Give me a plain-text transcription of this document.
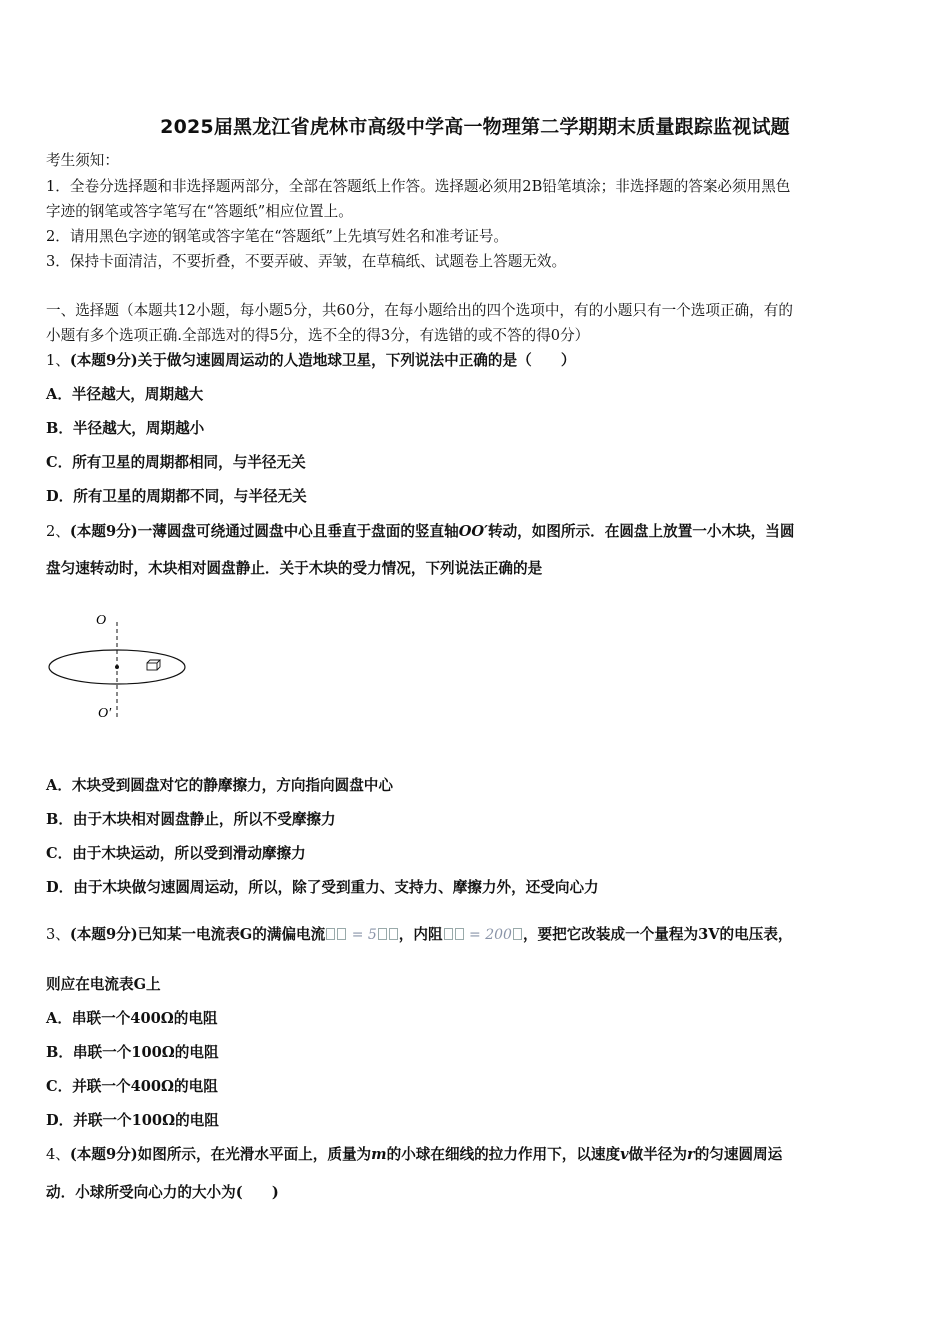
2025届黑龙江省虎林市高级中学高一物理第二学期期末质量跟踪监视试题
考生须知：
1．全卷分选择题和非选择题两部分，全部在答题纸上作答。选择题必须用2B铅笔填涂；非选择题的答案必须用黑色
字迹的钢笔或答字笔写在“答题纸”相应位置上。
2．请用黑色字迹的钢笔或答字笔在“答题纸”上先填写姓名和准考证号。
3．保持卡面清洁，不要折叠，不要弄破、弄皱，在草稿纸、试题卷上答题无效。
一、选择题（本题共12小题，每小题5分，共60分，在每小题给出的四个选项中，有的小题只有一个选项正确，有的
小题有多个选项正确.全部选对的得5分，选不全的得3分，有选错的或不答的得0分）
1、(本题9分)关于做匀速圆周运动的人造地球卫星，下列说法中正确的是（　　）
A．半径越大，周期越大
B．半径越大，周期越小
C．所有卫星的周期都相同，与半径无关
D．所有卫星的周期都不同，与半径无关
2、(本题9分)一薄圆盘可绕通过圆盘中心且垂直于盘面的竖直轴OO′转动，如图所示．在圆盘上放置一小木块，当圆
盘匀速转动时，木块相对圆盘静止．关于木块的受力情况，下列说法正确的是
O
O′
A．木块受到圆盘对它的静摩擦力，方向指向圆盘中心
B．由于木块相对圆盘静止，所以不受摩擦力
C．由于木块运动，所以受到滑动摩擦力
D．由于木块做匀速圆周运动，所以，除了受到重力、支持力、摩擦力外，还受向心力
3、(本题9分)已知某一电流表G的满偏电流 = 5 ，内阻 = 200 ，要把它改装成一个量程为3V的电压表，
则应在电流表G上
A．串联一个400Ω的电阻
B．串联一个100Ω的电阻
C．并联一个400Ω的电阻
D．并联一个100Ω的电阻
4、(本题9分)如图所示，在光滑水平面上，质量为m的小球在细线的拉力作用下，以速度v做半径为r的匀速圆周运
动．小球所受向心力的大小为(　　)
